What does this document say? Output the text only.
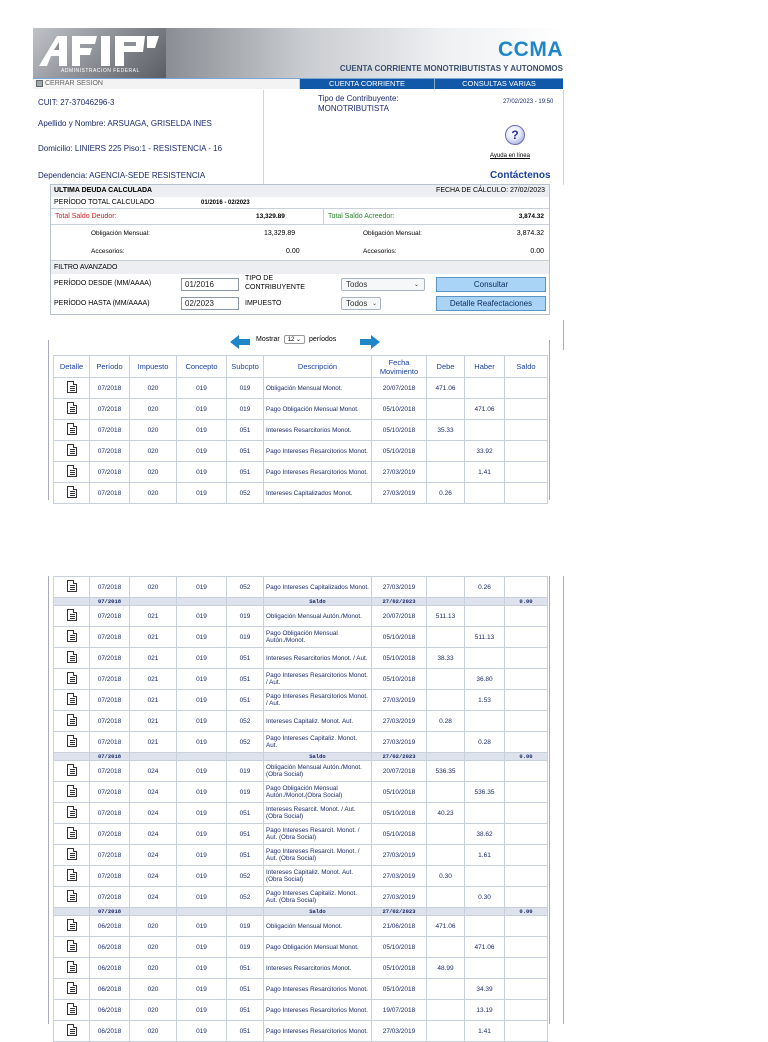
ADMINISTRACION FEDERAL
CCMA
CUENTA CORRIENTE MONOTRIBUTISTAS Y AUTONOMOS
CERRAR SESION	CUENTA CORRIENTE	CONSULTAS VARIAS
CUIT: 27-37046296-3	Tipo de Contribuyente:
MONOTRIBUTISTA
27/02/2023 - 19:50
Apellido y Nombre: ARSUAGA, GRISELDA INES
Domicilio: LINIERS 225 Piso:1 - RESISTENCIA - 16
Dependencia: AGENCIA-SEDE RESISTENCIA
?
Ayuda en línea
Contáctenos
ULTIMA DEUDA CALCULADA	FECHA DE CÁLCULO: 27/02/2023
PERÍODO TOTAL CALCULADO	01/2016 - 02/2023
Total Saldo Deudor:	13,329.89	Total Saldo Acreedor:	3,874.32
Obligación Mensual:	13,329.89	Obligación Mensual:	3,874.32
Accesorios:	0.00	Accesorios:	0.00
FILTRO AVANZADO
PERÍODO DESDE (MM/AAAA)
01/2016
TIPO DE
CONTRIBUYENTE	Todos	⌄	Consultar
PERÍODO HASTA (MM/AAAA)
02/2023	IMPUESTO	Todos ⌄	Detalle Reafectaciones
Mostrar 12 ⌄ períodos
Detalle	Período	Impuesto	Concepto	Subcpto	Descripción	Fecha Movimiento	Debe	Haber	Saldo
	07/2018	020	019	019	Obligación Mensual Monot.	20/07/2018	471.06		
	07/2018	020	019	019	Pago Obligación Mensual Monot.	05/10/2018		471.06	
	07/2018	020	019	051	Intereses Resarcitorios Monot.	05/10/2018	35.33		
	07/2018	020	019	051	Pago Intereses Resarcitorios Monot.	05/10/2018		33.92	
	07/2018	020	019	051	Pago Intereses Resarcitorios Monot.	27/03/2019		1.41	
	07/2018	020	019	052	Intereses Capitalizados Monot.	27/03/2019	0.26		
	07/2018	020	019	052	Pago Intereses Capitalizados Monot.	27/03/2019		0.26	
	07/2018				Saldo	27/02/2023			0.00
	07/2018	021	019	019	Obligación Mensual Autón./Monot.	20/07/2018	511.13		
	07/2018	021	019	019	Pago Obligación Mensual Autón./Monot.	05/10/2018		511.13	
	07/2018	021	019	051	Intereses Resarcitorios Monot. / Aut.	05/10/2018	38.33		
	07/2018	021	019	051	Pago Intereses Resarcitorios Monot. / Aut.	05/10/2018		36.80	
	07/2018	021	019	051	Pago Intereses Resarcitorios Monot. / Aut.	27/03/2019		1.53	
	07/2018	021	019	052	Intereses Capitaliz. Monot. Aut.	27/03/2019	0.28		
	07/2018	021	019	052	Pago Intereses Capitaliz. Monot. Aut.	27/03/2019		0.28	
	07/2018				Saldo	27/02/2023			0.00
	07/2018	024	019	019	Obligación Mensual Autón./Monot.(Obra Social)	20/07/2018	536.35		
	07/2018	024	019	019	Pago Obligación Mensual Autón./Monot.(Obra Social)	05/10/2018		536.35	
	07/2018	024	019	051	Intereses Resarcit. Monot. / Aut. (Obra Social)	05/10/2018	40.23		
	07/2018	024	019	051	Pago Intereses Resarcit. Monot. / Aut. (Obra Social)	05/10/2018		38.62	
	07/2018	024	019	051	Pago Intereses Resarcit. Monot. / Aut. (Obra Social)	27/03/2019		1.61	
	07/2018	024	019	052	Intereses Capitaliz. Monot. Aut. (Obra Social)	27/03/2019	0.30		
	07/2018	024	019	052	Pago Intereses Capitaliz. Monot. Aut. (Obra Social)	27/03/2019		0.30	
	07/2018				Saldo	27/02/2023			0.00
	06/2018	020	019	019	Obligación Mensual Monot.	21/06/2018	471.06		
	06/2018	020	019	019	Pago Obligación Mensual Monot.	05/10/2018		471.06	
	06/2018	020	019	051	Intereses Resarcitorios Monot.	05/10/2018	48.99		
	06/2018	020	019	051	Pago Intereses Resarcitorios Monot.	05/10/2018		34.39	
	06/2018	020	019	051	Pago Intereses Resarcitorios Monot.	19/07/2018		13.19	
	06/2018	020	019	051	Pago Intereses Resarcitorios Monot.	27/03/2019		1.41	
